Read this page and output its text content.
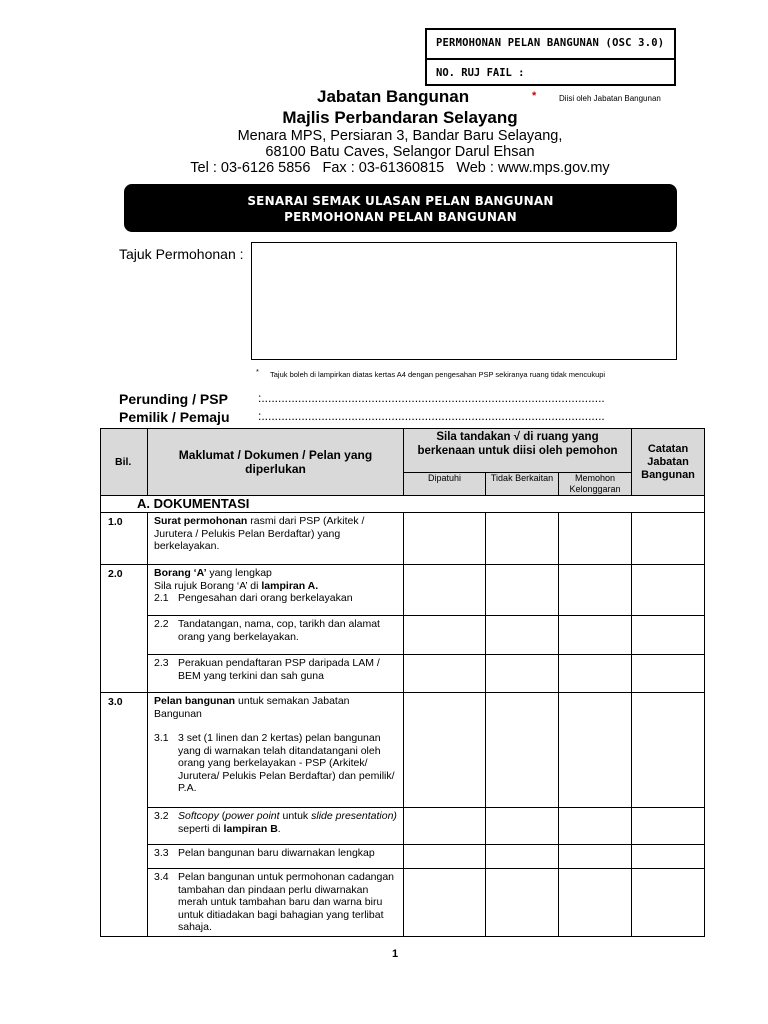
PERMOHONAN PELAN BANGUNAN (OSC 3.0)
NO. RUJ FAIL :
Jabatan Bangunan	*	Diisi oleh Jabatan Bangunan
Majlis Perbandaran Selayang
Menara MPS, Persiaran 3, Bandar Baru Selayang,
68100 Batu Caves, Selangor Darul Ehsan
Tel : 03-6126 5856   Fax : 03-61360815   Web : www.mps.gov.my
SENARAI SEMAK ULASAN PELAN BANGUNAN
PERMOHONAN PELAN BANGUNAN
Tajuk Permohonan :
* Tajuk boleh di lampirkan diatas kertas A4 dengan pengesahan PSP sekiranya ruang tidak mencukupi
Perunding / PSP	:.......................................................................................................
Pemilik / Pemaju :.......................................................................................................
Bil.	Maklumat / Dokumen / Pelan yang diperlukan	Sila tandakan √ di ruang yang berkenaan untuk diisi oleh pemohon			Catatan Jabatan Bangunan
		Dipatuhi	Tidak Berkaitan	Memohon Kelonggaran	
A. DOKUMENTASI					
1.0	Surat permohonan rasmi dari PSP (Arkitek / Jurutera / Pelukis Pelan Berdaftar) yang berkelayakan.				
2.0	Borang ‘A’ yang lengkap
Sila rujuk Borang ‘A’ di lampiran A.
2.1 Pengesahan dari orang berkelayakan				

	2.2 Tandatangan, nama, cop, tarikh dan alamat orang yang berkelayakan.				

	2.3 Perakuan pendaftaran PSP daripada LAM / BEM yang terkini dan sah guna				

3.0	Pelan bangunan untuk semakan Jabatan Bangunan
3.1 3 set (1 linen dan 2 kertas) pelan bangunan yang di warnakan telah ditandatangani oleh orang yang berkelayakan - PSP (Arkitek/ Jurutera/ Pelukis Pelan Berdaftar) dan pemilik/ P.A.				

	3.2 Softcopy (power point untuk slide presentation) seperti di lampiran B.				

	3.3 Pelan bangunan baru diwarnakan lengkap				

	3.4 Pelan bangunan untuk permohonan cadangan tambahan dan pindaan perlu diwarnakan merah untuk tambahan baru dan warna biru untuk ditiadakan bagi bahagian yang terlibat sahaja.				

1
